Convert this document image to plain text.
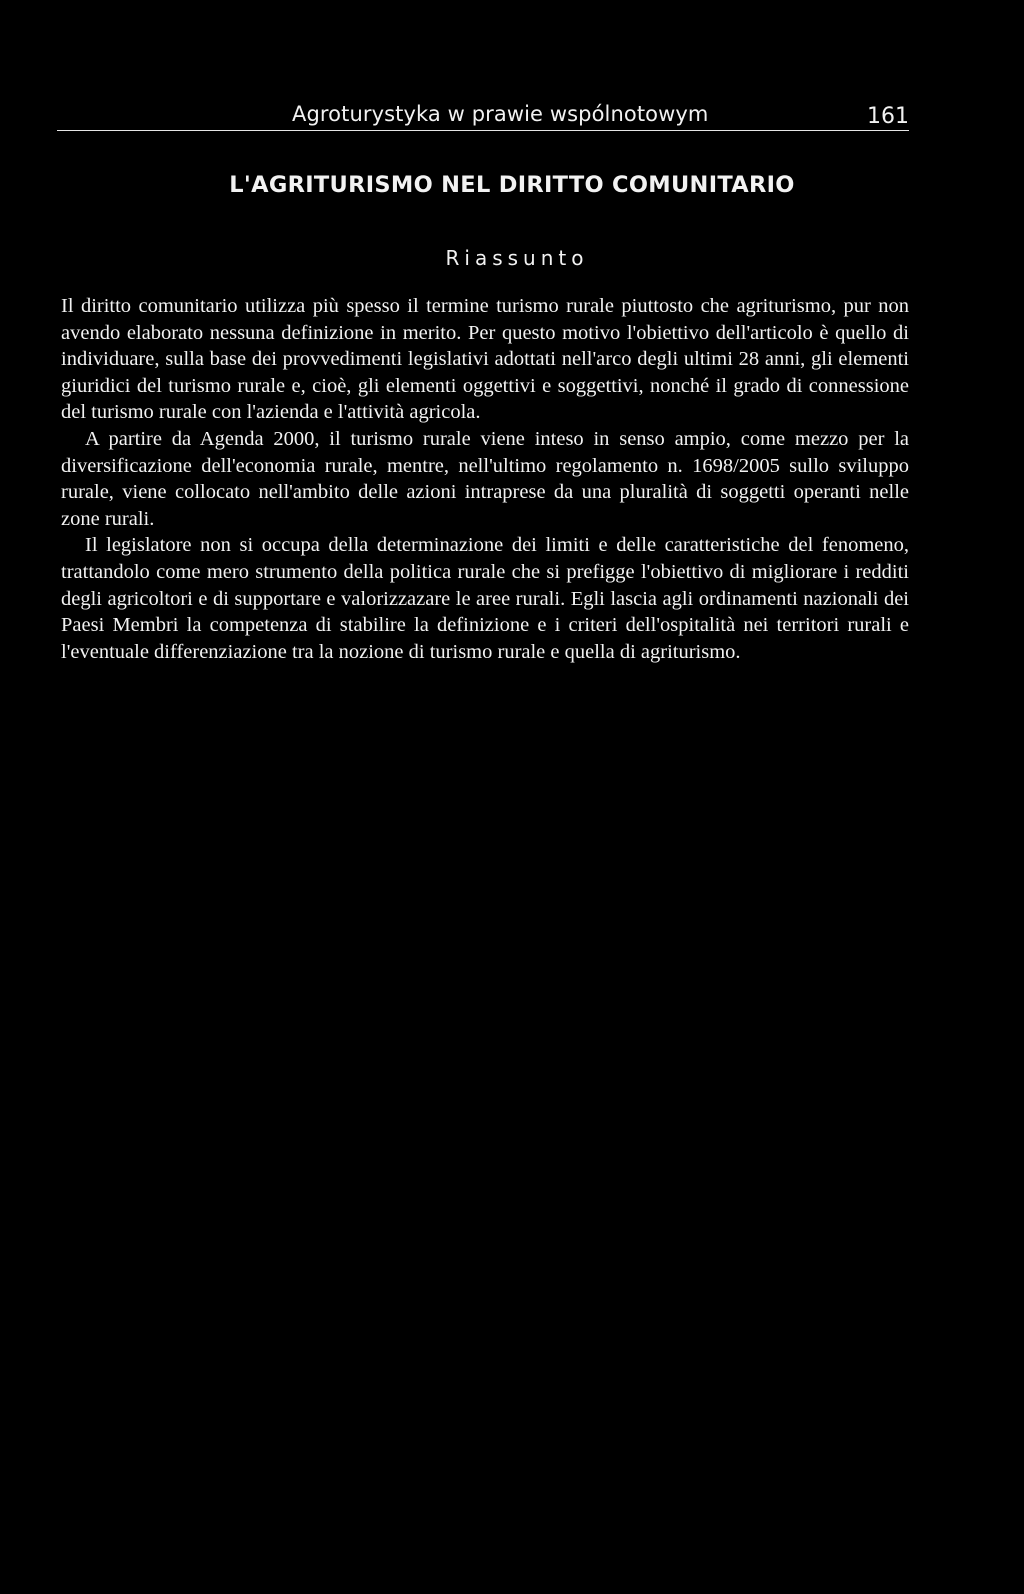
Agroturystyka w prawie wspólnotowym	161
L'AGRITURISMO NEL DIRITTO COMUNITARIO
Riassunto

Il diritto comunitario utilizza più spesso il termine turismo rurale piuttosto che agriturismo, pur non avendo elaborato nessuna definizione in merito. Per questo motivo l'obiettivo dell'articolo è quello di individuare, sulla base dei provvedimenti legislativi adottati nell'arco degli ultimi 28 anni, gli elementi giuridici del turismo rurale e, cioè, gli elementi oggettivi e soggettivi, nonché il grado di connessione del turismo rurale con l'azienda e l'attività agricola.

A partire da Agenda 2000, il turismo rurale viene inteso in senso ampio, come mezzo per la diversificazione dell'economia rurale, mentre, nell'ultimo regolamento n. 1698/2005 sullo sviluppo rurale, viene collocato nell'ambito delle azioni intraprese da una pluralità di soggetti operanti nelle zone rurali.

Il legislatore non si occupa della determinazione dei limiti e delle caratteristiche del fenomeno, trattandolo come mero strumento della politica rurale che si prefigge l'obiettivo di migliorare i redditi degli agricoltori e di supportare e valorizzazare le aree rurali. Egli lascia agli ordinamenti nazionali dei Paesi Membri la competenza di stabilire la definizione e i criteri dell'ospitalità nei territori rurali e l'eventuale differenziazione tra la nozione di turismo rurale e quella di agriturismo.
